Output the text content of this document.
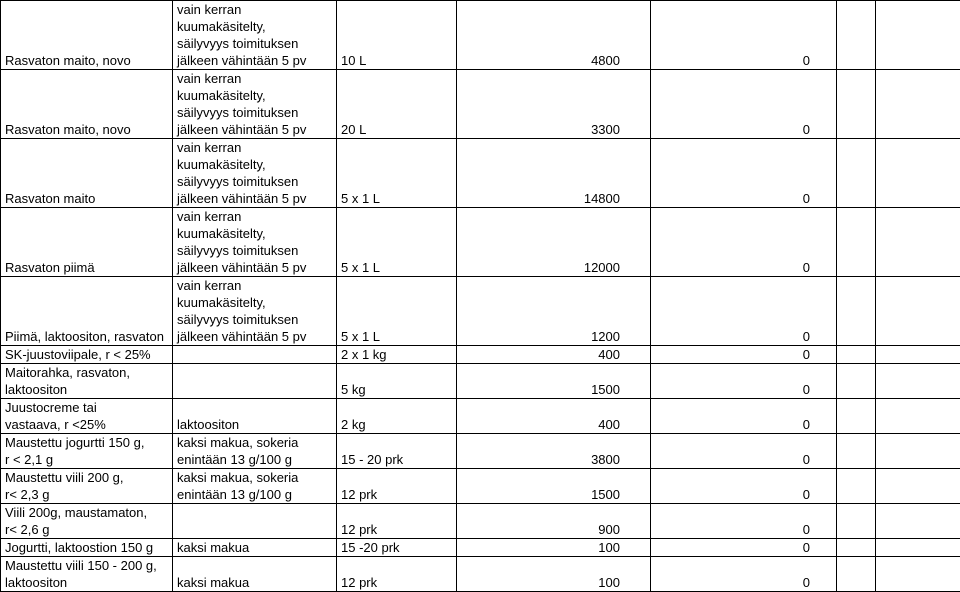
Rasvaton maito, novo	vain kerran
kuumakäsitelty,
säilyvyys toimituksen
jälkeen vähintään 5 pv	10 L	4800	0		
Rasvaton maito, novo	vain kerran
kuumakäsitelty,
säilyvyys toimituksen
jälkeen vähintään 5 pv	20 L	3300	0		
Rasvaton maito	vain kerran
kuumakäsitelty,
säilyvyys toimituksen
jälkeen vähintään 5 pv	5 x 1 L	14800	0		
Rasvaton piimä	vain kerran
kuumakäsitelty,
säilyvyys toimituksen
jälkeen vähintään 5 pv	5 x 1 L	12000	0		
Piimä, laktoositon, rasvaton	vain kerran
kuumakäsitelty,
säilyvyys toimituksen
jälkeen vähintään 5 pv	5 x 1 L	1200	0		
SK-juustoviipale, r < 25%		2 x 1 kg	400	0		
Maitorahka, rasvaton,
laktoositon		5 kg	1500	0		
Juustocreme tai
vastaava, r <25%	laktoositon	2 kg	400	0		
Maustettu jogurtti 150 g,
r < 2,1 g	kaksi makua, sokeria
enintään 13 g/100 g	15 - 20 prk	3800	0		
Maustettu viili 200 g,
r< 2,3 g	kaksi makua, sokeria
enintään 13 g/100 g	12 prk	1500	0		
Viili 200g, maustamaton,
r< 2,6 g		12 prk	900	0		
Jogurtti, laktoostion 150 g	kaksi makua	15 -20 prk	100	0		
Maustettu viili 150 - 200 g,
laktoositon	kaksi makua	12 prk	100	0		
